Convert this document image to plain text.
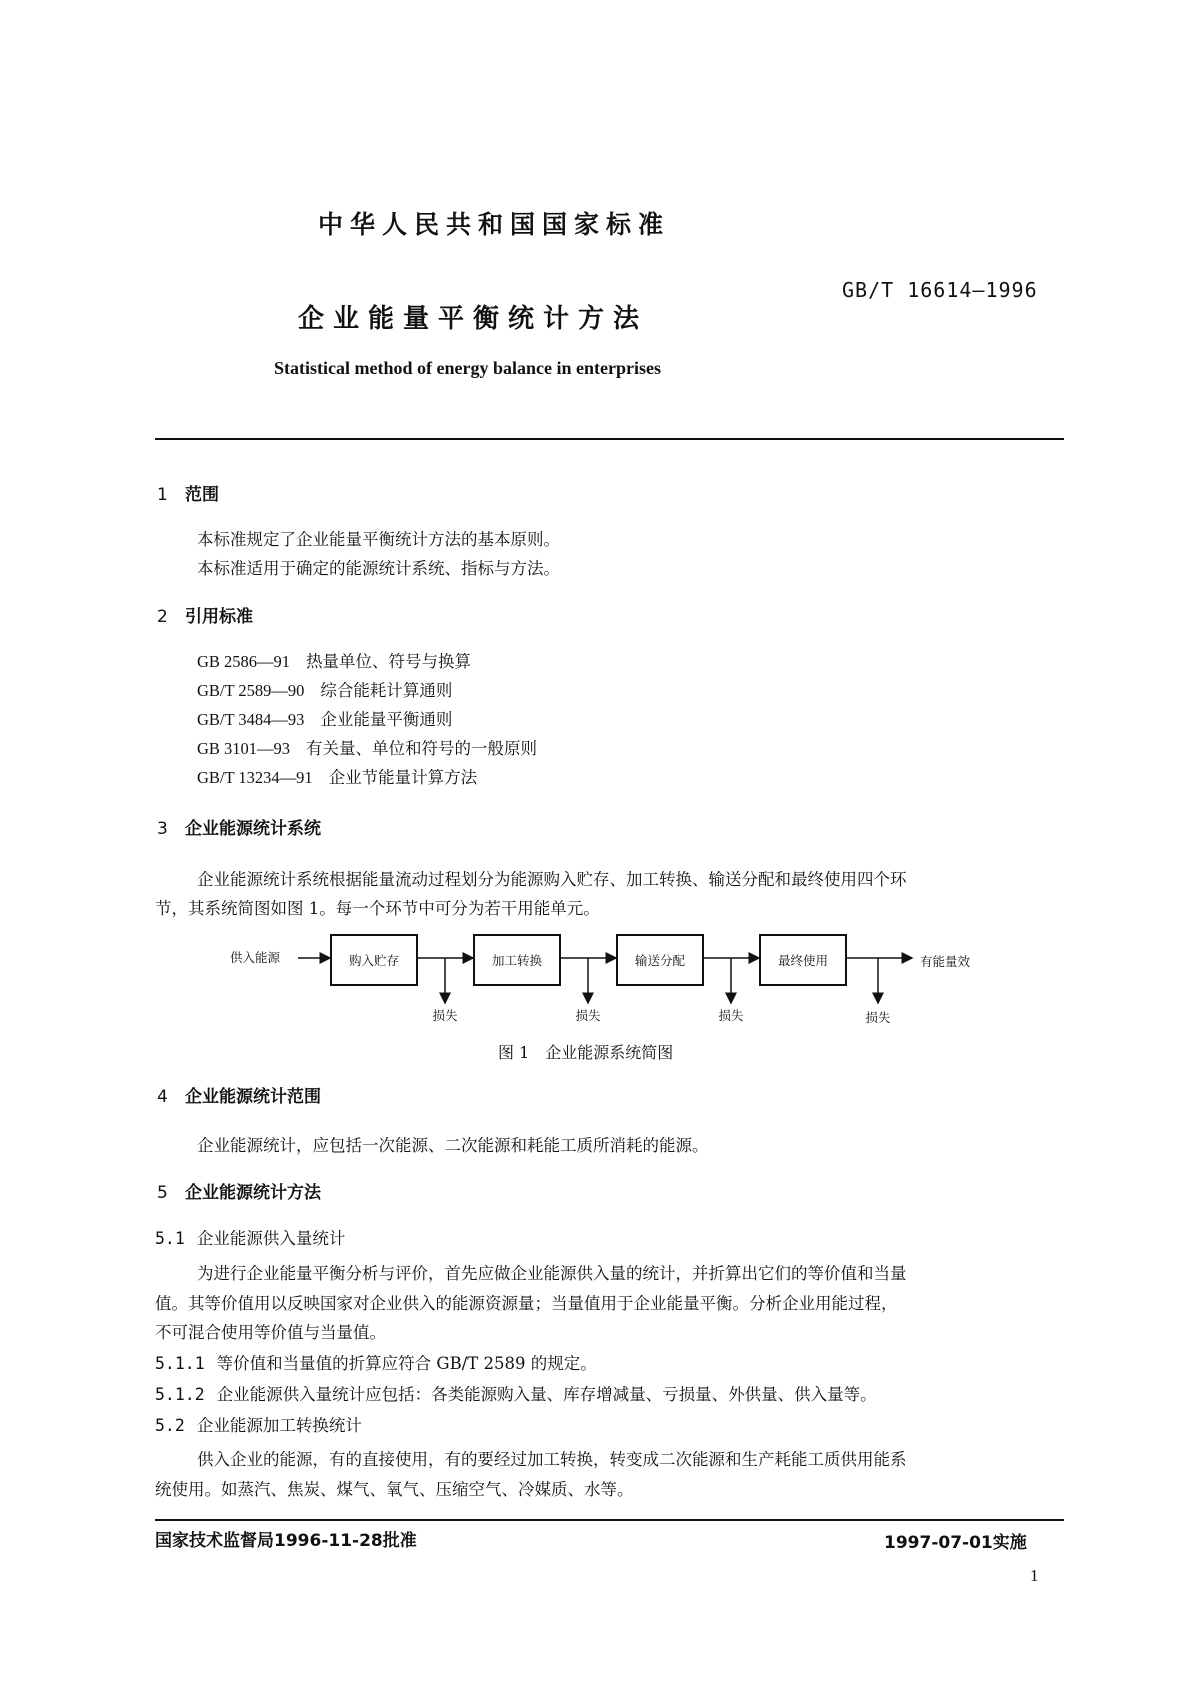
中华人民共和国国家标准
GB/T 16614—1996
企业能量平衡统计方法
Statistical method of energy balance in enterprises
1 范围
本标准规定了企业能量平衡统计方法的基本原则。
本标准适用于确定的能源统计系统、指标与方法。
2 引用标准
GB 2586—91 热量单位、符号与换算
GB/T 2589—90 综合能耗计算通则
GB/T 3484—93 企业能量平衡通则
GB 3101—93 有关量、单位和符号的一般原则
GB/T 13234—91 企业节能量计算方法
3 企业能源统计系统
企业能源统计系统根据能量流动过程划分为能源购入贮存、加工转换、输送分配和最终使用四个环
节，其系统简图如图 1。每一个环节中可分为若干用能单元。
供入能源	购入贮存
损失
加工转换
损失
输送分配
损失
最终使用
损失
有能量效
图 1　企业能源系统简图
4 企业能源统计范围
企业能源统计，应包括一次能源、二次能源和耗能工质所消耗的能源。
5 企业能源统计方法
5.1 企业能源供入量统计
为进行企业能量平衡分析与评价，首先应做企业能源供入量的统计，并折算出它们的等价值和当量
值。其等价值用以反映国家对企业供入的能源资源量；当量值用于企业能量平衡。分析企业用能过程，
不可混合使用等价值与当量值。
5.1.1 等价值和当量值的折算应符合 GB/T 2589 的规定。
5.1.2 企业能源供入量统计应包括：各类能源购入量、库存增减量、亏损量、外供量、供入量等。
5.2 企业能源加工转换统计
供入企业的能源，有的直接使用，有的要经过加工转换，转变成二次能源和生产耗能工质供用能系
统使用。如蒸汽、焦炭、煤气、氧气、压缩空气、冷媒质、水等。
国家技术监督局1996-11-28批准	1997-07-01实施
1
